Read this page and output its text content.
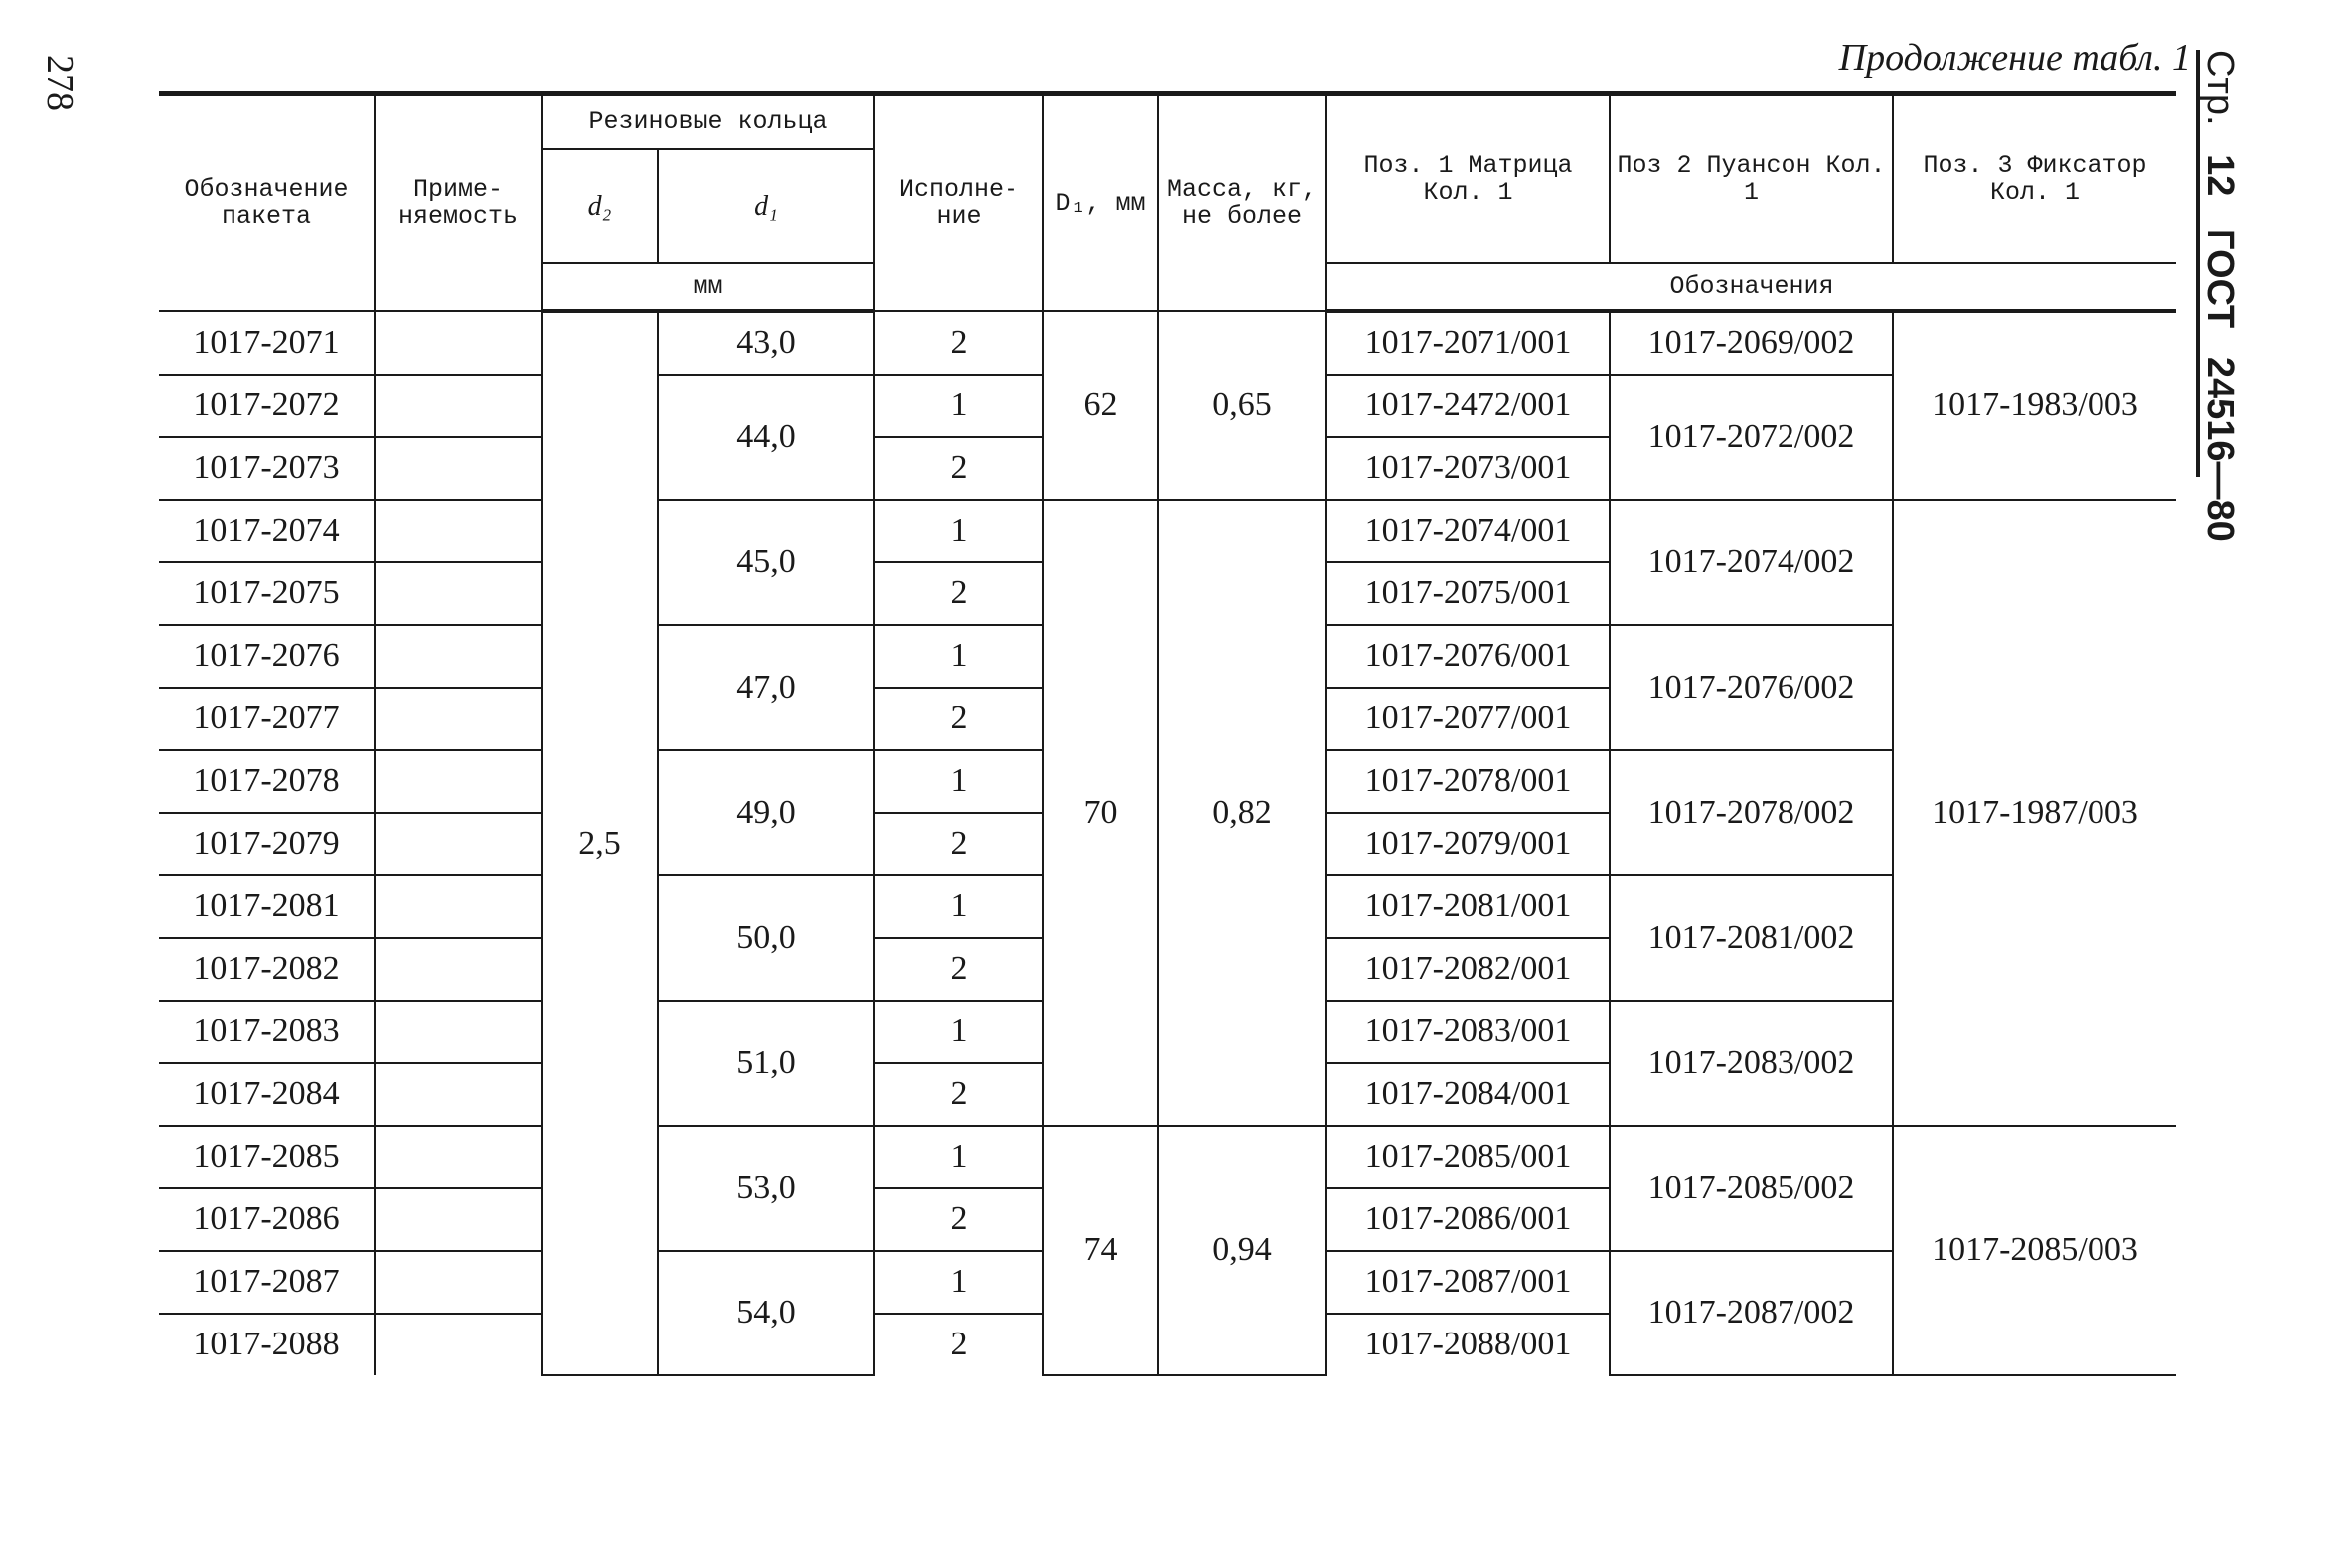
278	Продолжение табл. 1 Стр. 12 ГОСТ 24516—80
Обозначение пакета	Приме- няемость	Резиновые кольца		Исполне- ние	D₁, мм	Масса, кг, не более	Поз. 1 Матрица Кол. 1	Поз 2 Пуансон Кол. 1	Поз. 3 Фиксатор Кол. 1
		d₂	d₁						
		мм					Обозначения		
1017-2071		2,5	43,0	2	62	0,65	1017-2071/001	1017-2069/002	1017-1983/003
1017-2072			44,0	1			1017-2472/001	1017-2072/002	
1017-2073				2			1017-2073/001		
1017-2074			45,0	1	70	0,82	1017-2074/001	1017-2074/002	1017-1987/003
1017-2075				2			1017-2075/001		
1017-2076			47,0	1			1017-2076/001	1017-2076/002	
1017-2077				2			1017-2077/001		
1017-2078			49,0	1			1017-2078/001	1017-2078/002	
1017-2079				2			1017-2079/001		
1017-2081			50,0	1			1017-2081/001	1017-2081/002	
1017-2082				2			1017-2082/001		
1017-2083			51,0	1			1017-2083/001	1017-2083/002	
1017-2084				2			1017-2084/001		
1017-2085			53,0	1	74	0,94	1017-2085/001	1017-2085/002	1017-2085/003
1017-2086				2			1017-2086/001		
1017-2087			54,0	1			1017-2087/001	1017-2087/002	
1017-2088				2			1017-2088/001		
